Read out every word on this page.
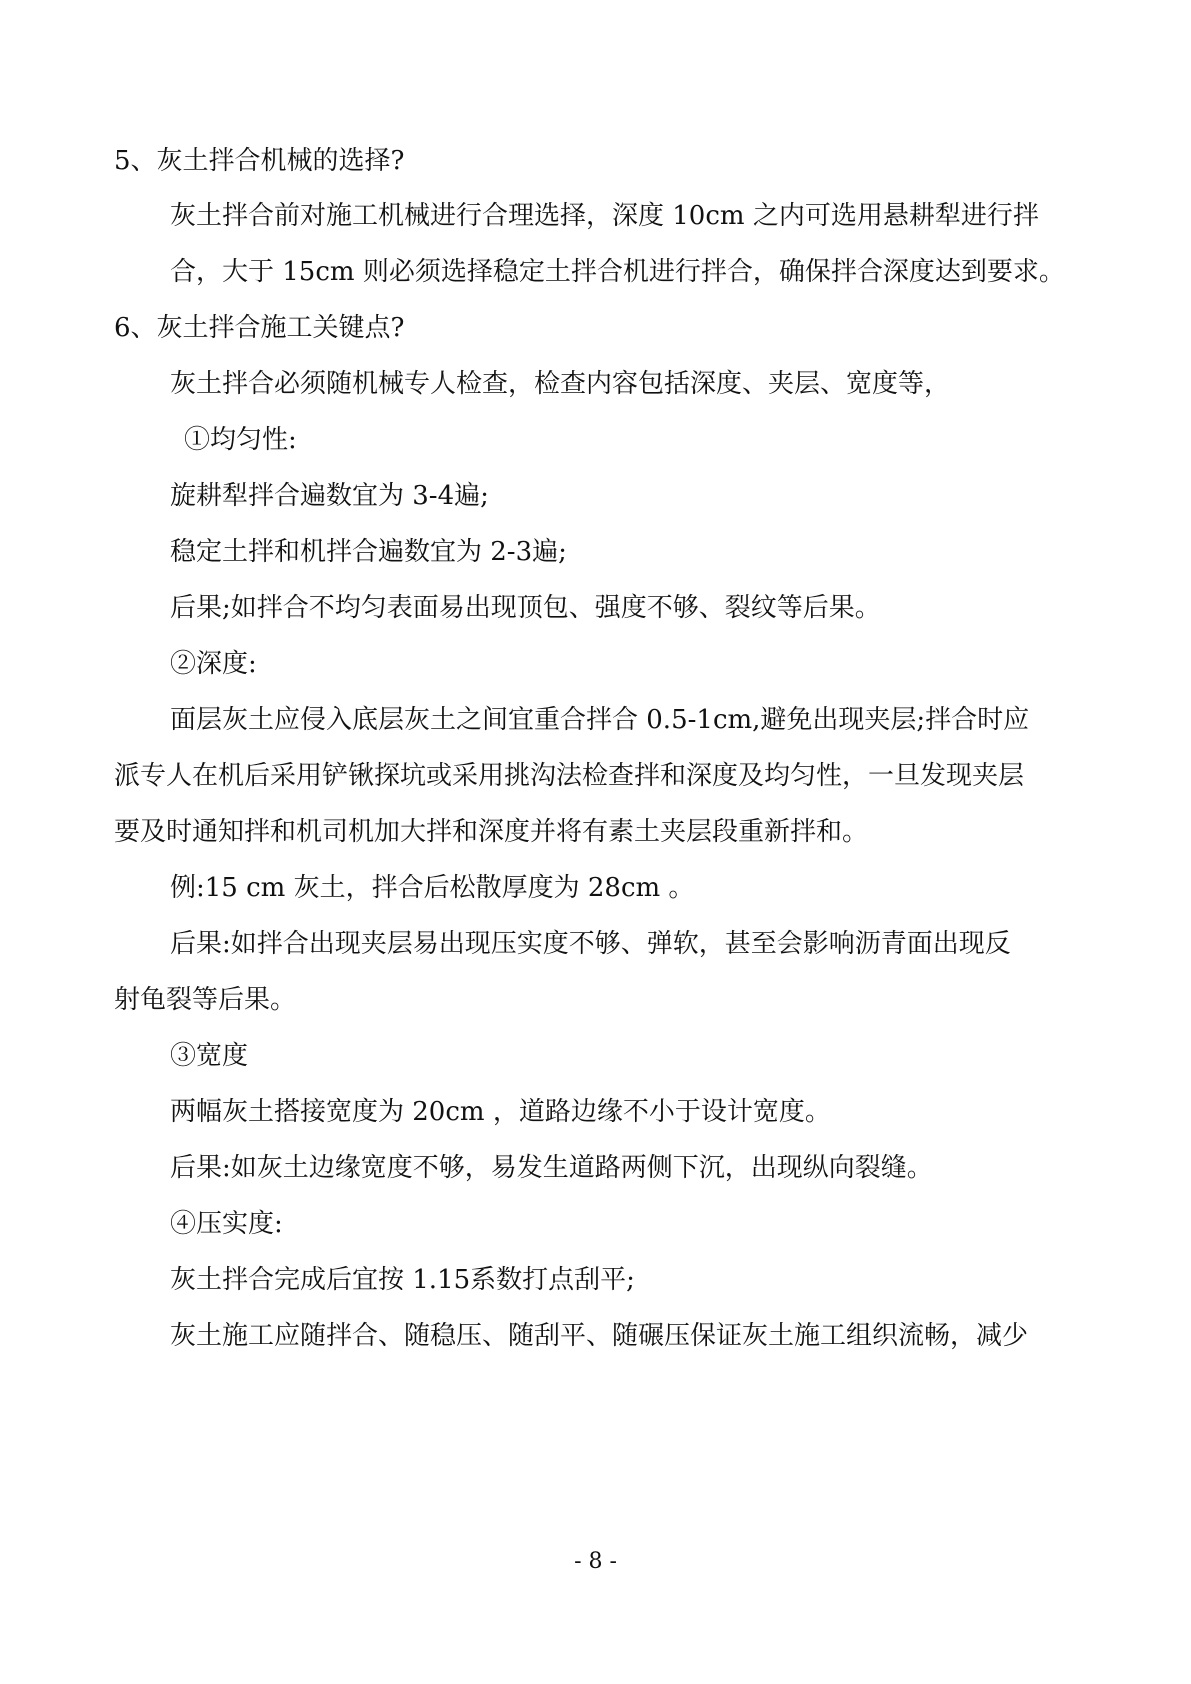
5、灰土拌合机械的选择?
灰土拌合前对施工机械进行合理选择，深度 10cm 之内可选用悬耕犁进行拌
合，大于 15cm 则必须选择稳定土拌合机进行拌合，确保拌合深度达到要求。
6、灰土拌合施工关键点?
灰土拌合必须随机械专人检查，检查内容包括深度、夹层、宽度等，
①均匀性:
旋耕犁拌合遍数宜为 3-4遍;
稳定土拌和机拌合遍数宜为 2-3遍;
后果;如拌合不均匀表面易出现顶包、强度不够、裂纹等后果。
②深度:
面层灰土应侵入底层灰土之间宜重合拌合 0.5-1cm,避免出现夹层;拌合时应
派专人在机后采用铲锹探坑或采用挑沟法检查拌和深度及均匀性，一旦发现夹层
要及时通知拌和机司机加大拌和深度并将有素土夹层段重新拌和。
例:15 cm 灰土，拌合后松散厚度为 28cm 。
后果:如拌合出现夹层易出现压实度不够、弹软，甚至会影响沥青面出现反
射龟裂等后果。
③宽度
两幅灰土搭接宽度为 20cm ，道路边缘不小于设计宽度。
后果:如灰土边缘宽度不够，易发生道路两侧下沉，出现纵向裂缝。
④压实度:
灰土拌合完成后宜按 1.15系数打点刮平;
灰土施工应随拌合、随稳压、随刮平、随碾压保证灰土施工组织流畅，减少
- 8 -
